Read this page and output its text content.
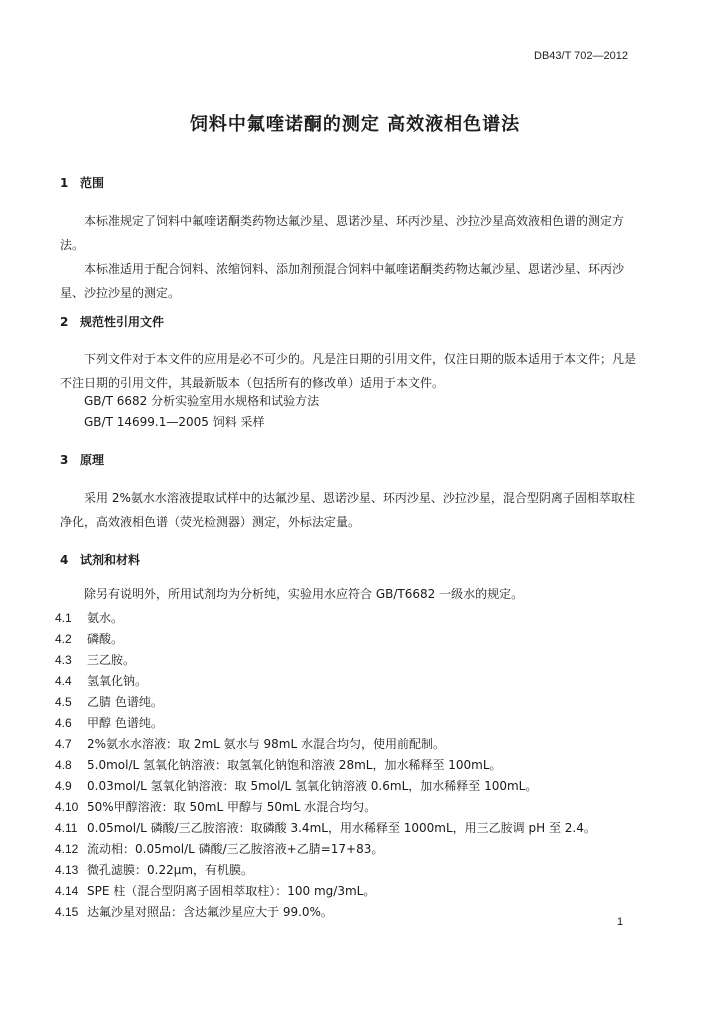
DB43/T 702—2012
饲料中氟喹诺酮的测定 高效液相色谱法
1 范围
本标准规定了饲料中氟喹诺酮类药物达氟沙星、恩诺沙星、环丙沙星、沙拉沙星高效液相色谱的测定方法。
本标准适用于配合饲料、浓缩饲料、添加剂预混合饲料中氟喹诺酮类药物达氟沙星、恩诺沙星、环丙沙星、沙拉沙星的测定。
2 规范性引用文件
下列文件对于本文件的应用是必不可少的。凡是注日期的引用文件，仅注日期的版本适用于本文件；凡是不注日期的引用文件，其最新版本（包括所有的修改单）适用于本文件。
GB/T 6682 分析实验室用水规格和试验方法
GB/T 14699.1—2005 饲料 采样
3 原理
采用 2%氨水水溶液提取试样中的达氟沙星、恩诺沙星、环丙沙星、沙拉沙星，混合型阴离子固相萃取柱净化，高效液相色谱（荧光检测器）测定，外标法定量。
4 试剂和材料
除另有说明外，所用试剂均为分析纯，实验用水应符合 GB/T6682 一级水的规定。
4.1 氨水。
4.2 磷酸。
4.3 三乙胺。
4.4 氢氧化钠。
4.5 乙腈 色谱纯。
4.6 甲醇 色谱纯。
4.7 2%氨水水溶液：取 2mL 氨水与 98mL 水混合均匀，使用前配制。
4.8 5.0mol/L 氢氧化钠溶液：取氢氧化钠饱和溶液 28mL，加水稀释至 100mL。
4.9 0.03mol/L 氢氧化钠溶液：取 5mol/L 氢氧化钠溶液 0.6mL，加水稀释至 100mL。
4.10 50%甲醇溶液：取 50mL 甲醇与 50mL 水混合均匀。
4.11 0.05mol/L 磷酸/三乙胺溶液：取磷酸 3.4mL，用水稀释至 1000mL，用三乙胺调 pH 至 2.4。
4.12 流动相：0.05mol/L 磷酸/三乙胺溶液+乙腈=17+83。
4.13 微孔滤膜：0.22μm，有机膜。
4.14 SPE 柱（混合型阴离子固相萃取柱）：100 mg/3mL。
4.15 达氟沙星对照品：含达氟沙星应大于 99.0%。
1
